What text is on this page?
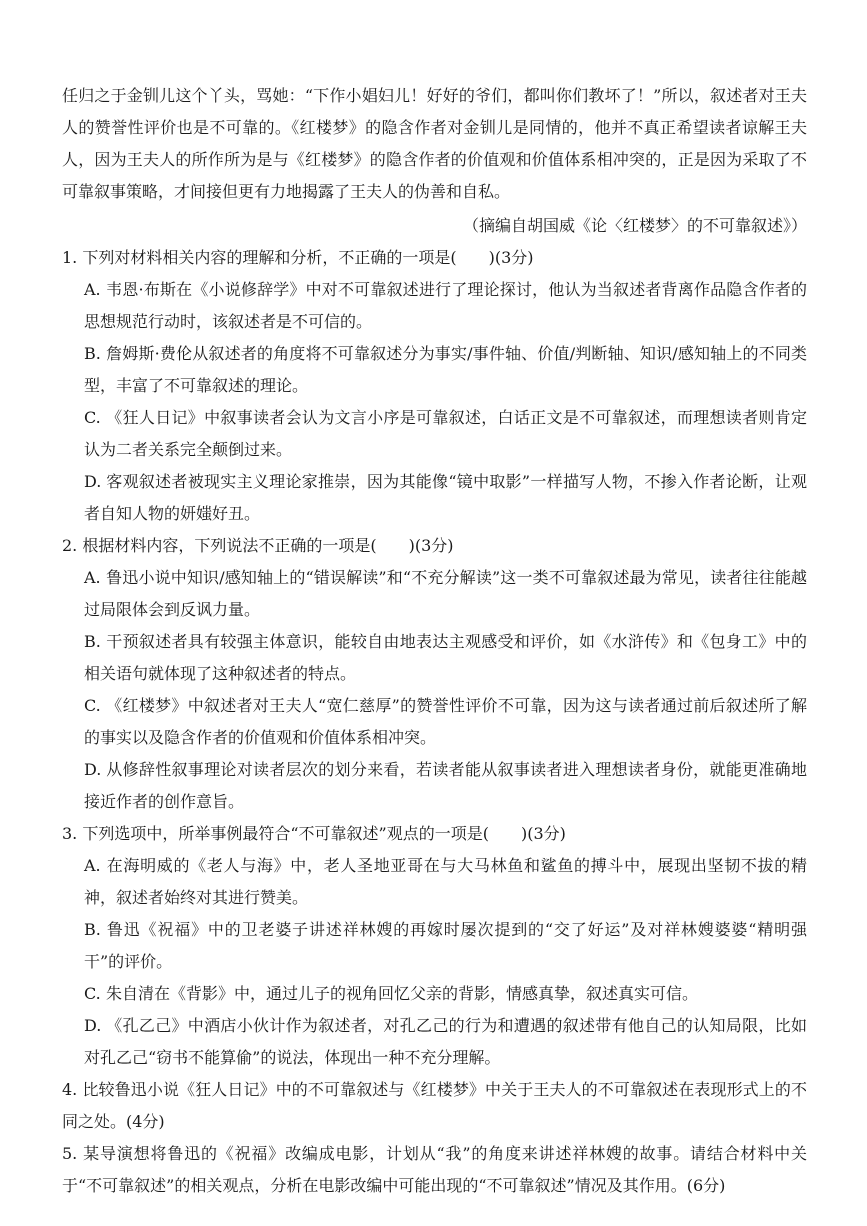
任归之于金钏儿这个丫头，骂她：“下作小娼妇儿！好好的爷们，都叫你们教坏了！”所以，叙述者对王夫人的赞誉性评价也是不可靠的。《红楼梦》的隐含作者对金钏儿是同情的，他并不真正希望读者谅解王夫人，因为王夫人的所作所为是与《红楼梦》的隐含作者的价值观和价值体系相冲突的，正是因为采取了不可靠叙事策略，才间接但更有力地揭露了王夫人的伪善和自私。

（摘编自胡国威《论〈红楼梦〉的不可靠叙述》）
1. 下列对材料相关内容的理解和分析，不正确的一项是(　　)(3分)
A. 韦恩·布斯在《小说修辞学》中对不可靠叙述进行了理论探讨，他认为当叙述者背离作品隐含作者的思想规范行动时，该叙述者是不可信的。
B. 詹姆斯·费伦从叙述者的角度将不可靠叙述分为事实/事件轴、价值/判断轴、知识/感知轴上的不同类型，丰富了不可靠叙述的理论。
C. 《狂人日记》中叙事读者会认为文言小序是可靠叙述，白话正文是不可靠叙述，而理想读者则肯定认为二者关系完全颠倒过来。
D. 客观叙述者被现实主义理论家推崇，因为其能像“镜中取影”一样描写人物，不掺入作者论断，让观者自知人物的妍媸好丑。
2. 根据材料内容，下列说法不正确的一项是(　　)(3分)
A. 鲁迅小说中知识/感知轴上的“错误解读”和“不充分解读”这一类不可靠叙述最为常见，读者往往能越过局限体会到反讽力量。
B. 干预叙述者具有较强主体意识，能较自由地表达主观感受和评价，如《水浒传》和《包身工》中的相关语句就体现了这种叙述者的特点。
C. 《红楼梦》中叙述者对王夫人“宽仁慈厚”的赞誉性评价不可靠，因为这与读者通过前后叙述所了解的事实以及隐含作者的价值观和价值体系相冲突。
D. 从修辞性叙事理论对读者层次的划分来看，若读者能从叙事读者进入理想读者身份，就能更准确地接近作者的创作意旨。
3. 下列选项中，所举事例最符合“不可靠叙述”观点的一项是(　　)(3分)
A. 在海明威的《老人与海》中，老人圣地亚哥在与大马林鱼和鲨鱼的搏斗中，展现出坚韧不拔的精神，叙述者始终对其进行赞美。
B. 鲁迅《祝福》中的卫老婆子讲述祥林嫂的再嫁时屡次提到的“交了好运”及对祥林嫂婆婆“精明强干”的评价。
C. 朱自清在《背影》中，通过儿子的视角回忆父亲的背影，情感真挚，叙述真实可信。
D. 《孔乙己》中酒店小伙计作为叙述者，对孔乙己的行为和遭遇的叙述带有他自己的认知局限，比如对孔乙己“窃书不能算偷”的说法，体现出一种不充分理解。
4. 比较鲁迅小说《狂人日记》中的不可靠叙述与《红楼梦》中关于王夫人的不可靠叙述在表现形式上的不同之处。(4分)
5. 某导演想将鲁迅的《祝福》改编成电影，计划从“我”的角度来讲述祥林嫂的故事。请结合材料中关于“不可靠叙述”的相关观点，分析在电影改编中可能出现的“不可靠叙述”情况及其作用。(6分)
